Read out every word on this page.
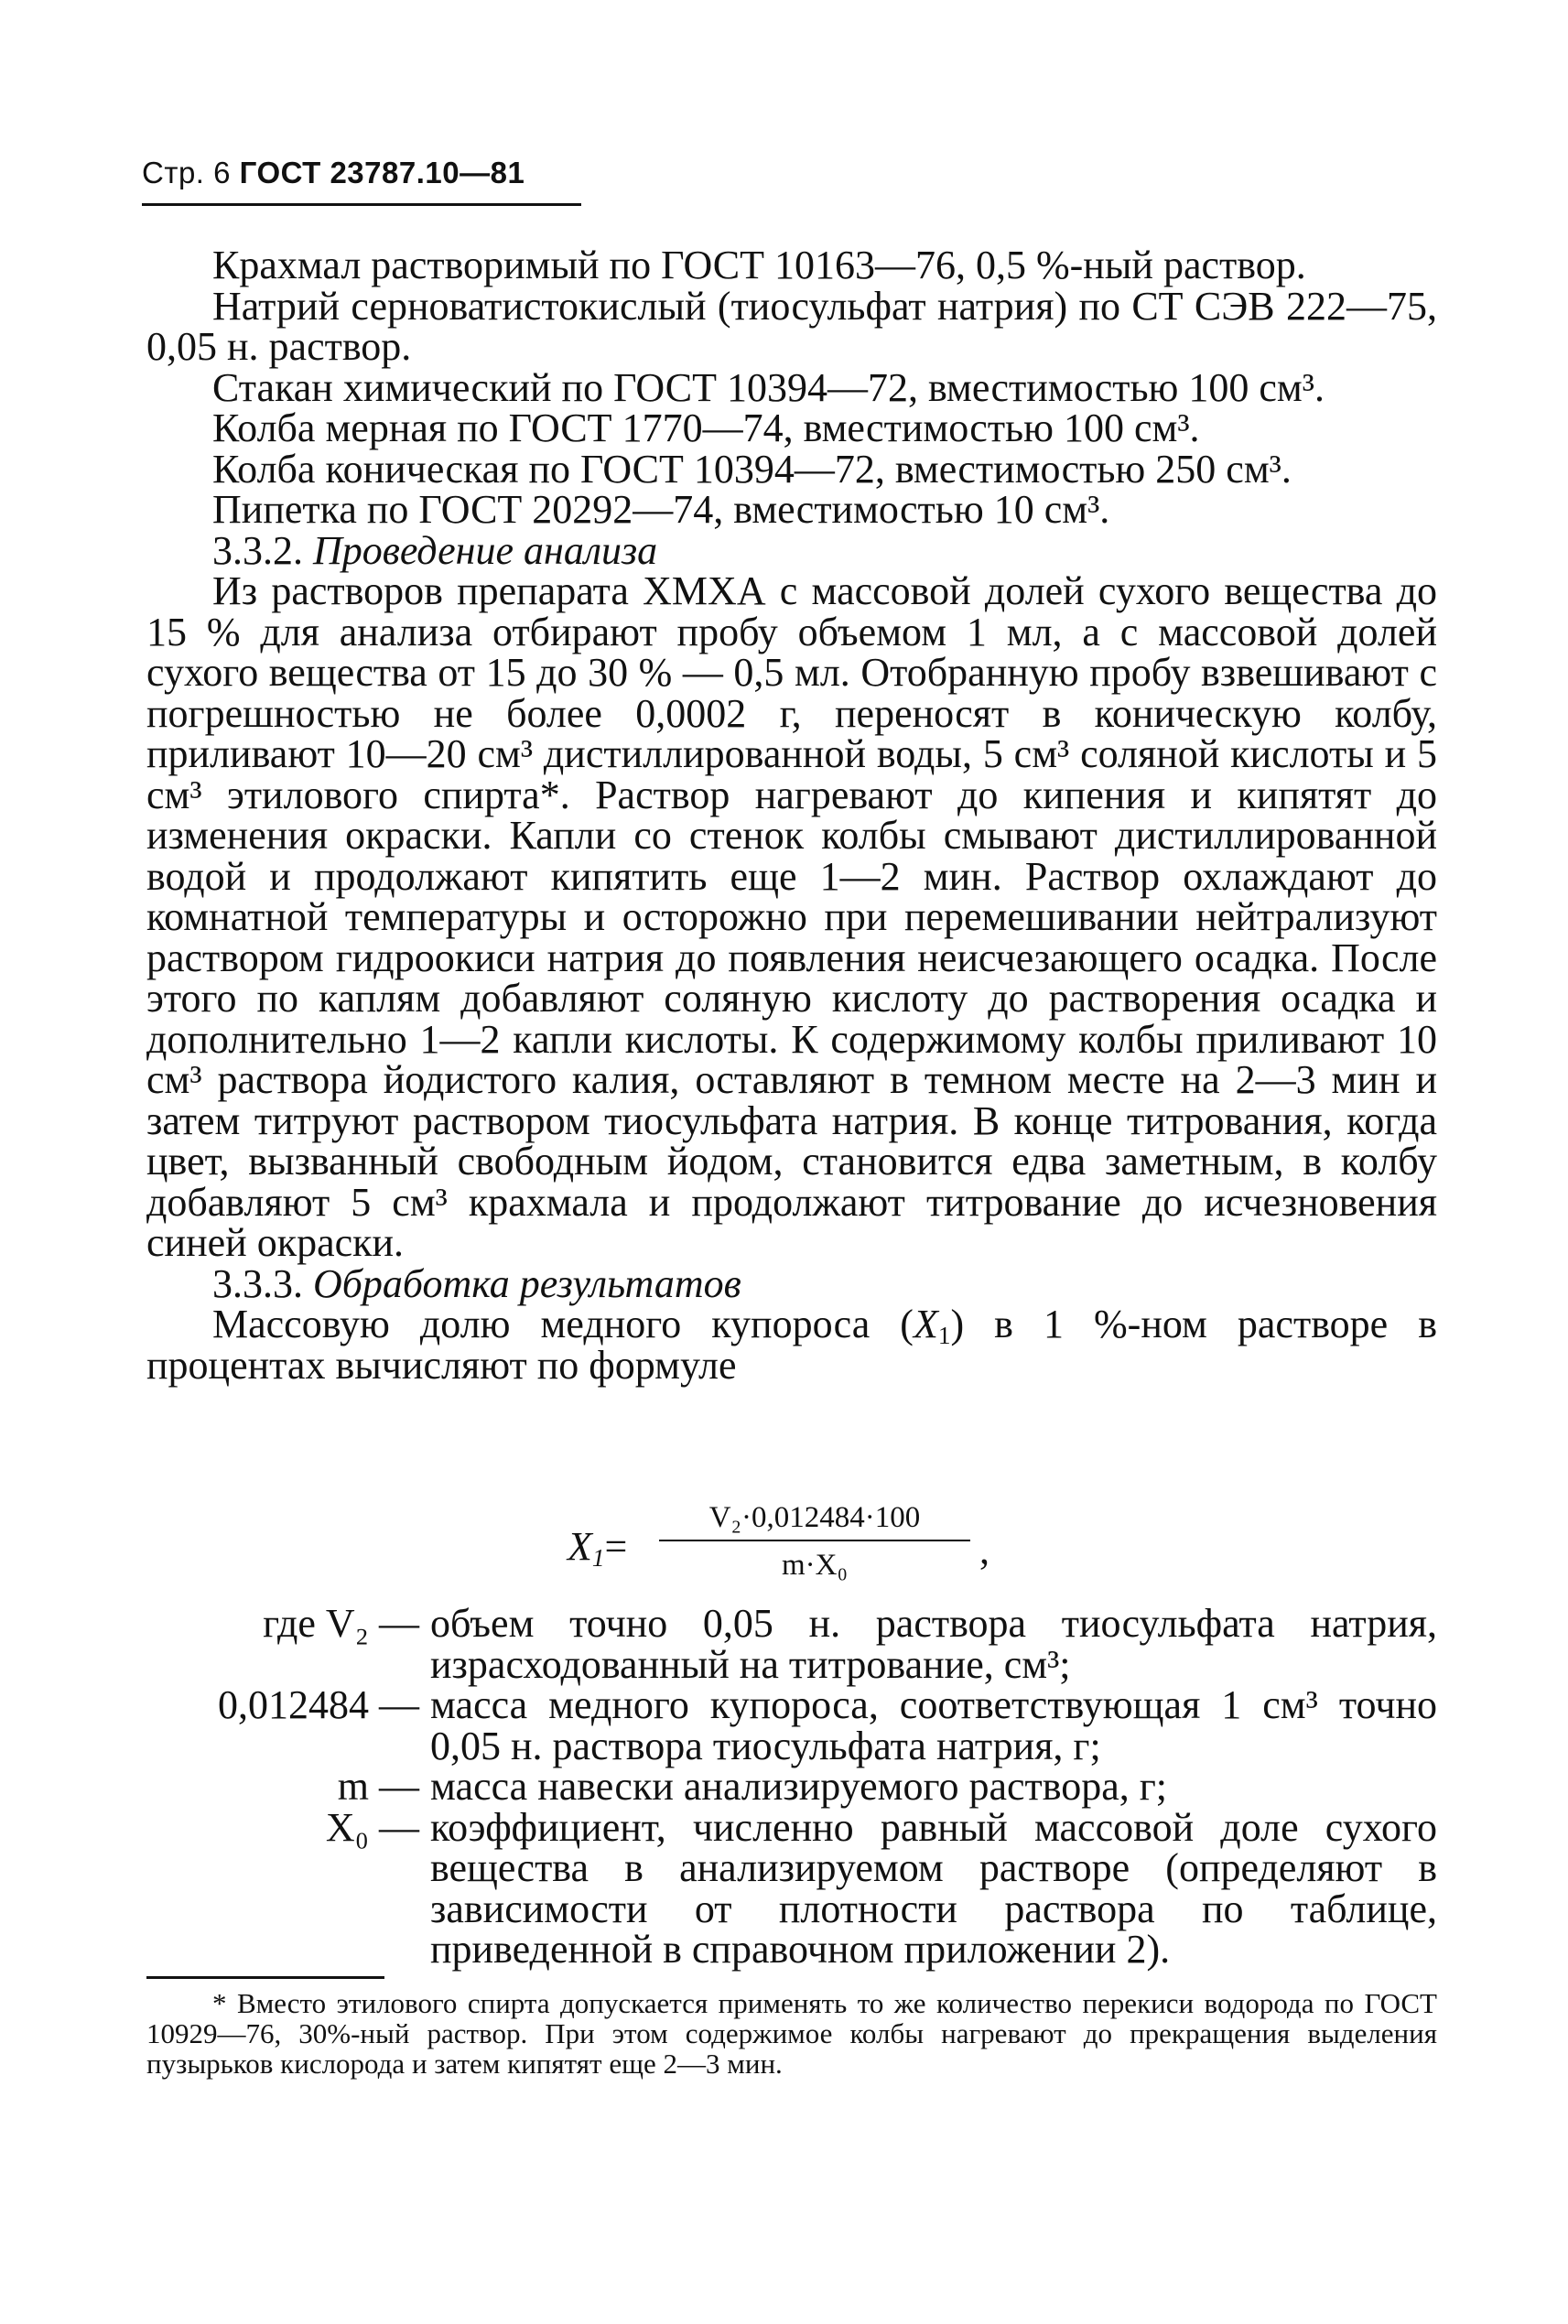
Стр. 6 ГОСТ 23787.10—81

Крахмал растворимый по ГОСТ 10163—76, 0,5 %-ный раствор.

Натрий серноватистокислый (тиосульфат натрия) по СТ СЭВ 222—75, 0,05 н. раствор.

Стакан химический по ГОСТ 10394—72, вместимостью 100 см³.

Колба мерная по ГОСТ 1770—74, вместимостью 100 см³.

Колба коническая по ГОСТ 10394—72, вместимостью 250 см³.

Пипетка по ГОСТ 20292—74, вместимостью 10 см³.

3.3.2. Проведение анализа

Из растворов препарата ХМХА с массовой долей сухого вещества до 15 % для анализа отбирают пробу объемом 1 мл, а с массовой долей сухого вещества от 15 до 30 % — 0,5 мл. Отобранную пробу взвешивают с погрешностью не более 0,0002 г, переносят в коническую колбу, приливают 10—20 см³ дистиллированной воды, 5 см³ соляной кислоты и 5 см³ этилового спирта*. Раствор нагревают до кипения и кипятят до изменения окраски. Капли со стенок колбы смывают дистиллированной водой и продолжают кипятить еще 1—2 мин. Раствор охлаждают до комнатной температуры и осторожно при перемешивании нейтрализуют раствором гидроокиси натрия до появления неисчезающего осадка. После этого по каплям добавляют соляную кислоту до растворения осадка и дополнительно 1—2 капли кислоты. К содержимому колбы приливают 10 см³ раствора йодистого калия, оставляют в темном месте на 2—3 мин и затем титруют раствором тиосульфата натрия. В конце титрования, когда цвет, вызванный свободным йодом, становится едва заметным, в колбу добавляют 5 см³ крахмала и продолжают титрование до исчезновения синей окраски.

3.3.3. Обработка результатов

Массовую долю медного купороса $(X_1)$ в 1 %-ном растворе в процентах вычисляют по формуле

$X_1=$
V₂·0,012484·100
m·X₀	,
где V₂ — объем точно 0,05 н. раствора тиосульфата натрия, израсходованный на титрование, см³;
0,012484 — масса медного купороса, соответствующая 1 см³ точно 0,05 н. раствора тиосульфата натрия, г;
m — масса навески анализируемого раствора, г;
X₀ — коэффициент, численно равный массовой доле сухого вещества в анализируемом растворе (определяют в зависимости от плотности раствора по таблице, приведенной в справочном приложении 2).
* Вместо этилового спирта допускается применять то же количество перекиси водорода по ГОСТ 10929—76, 30%-ный раствор. При этом содержимое колбы нагревают до прекращения выделения пузырьков кислорода и затем кипятят еще 2—3 мин.
